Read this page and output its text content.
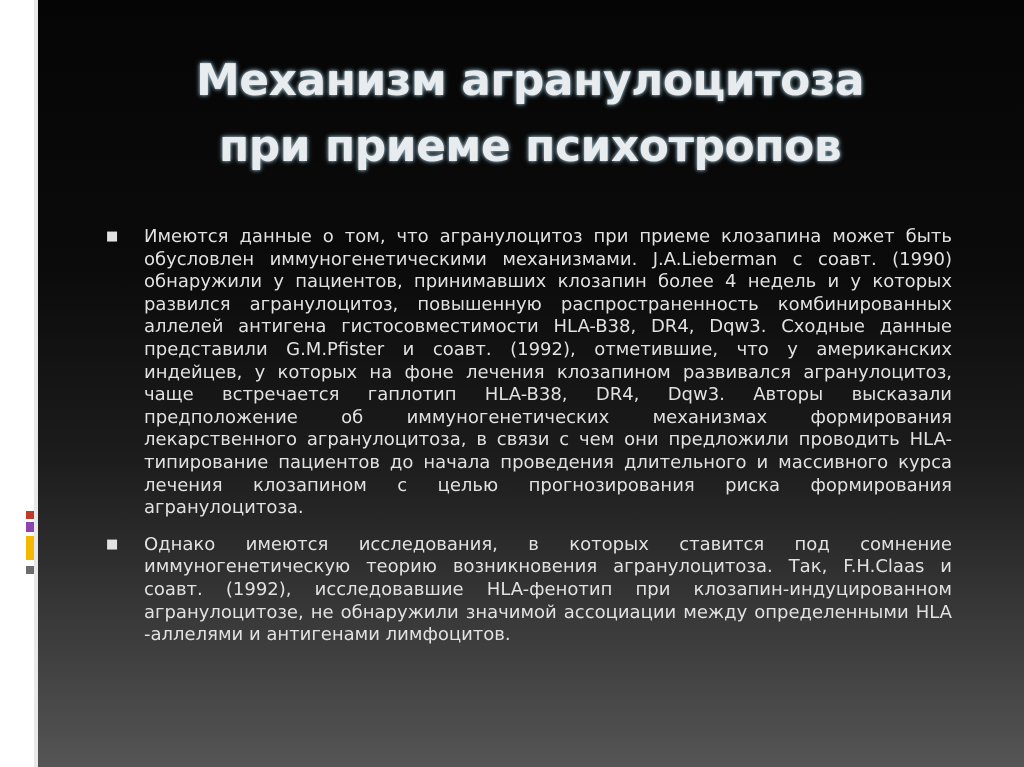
Механизм агранулоцитоза
при приеме психотропов
■ Имеются данные о том, что агранулоцитоз при приеме клозапина может быть обусловлен иммуногенетическими механизмами. J.A.Lieberman с соавт. (1990) обнаружили у пациентов, принимавших клозапин более 4 недель и у которых развился агранулоцитоз, повышенную распространенность комбинированных аллелей антигена гистосовместимости HLA-B38, DR4, Dqw3. Сходные данные представили G.M.Pfister и соавт. (1992), отметившие, что у американских индейцев, у которых на фоне лечения клозапином развивался агранулоцитоз, чаще встречается гаплотип HLA-B38, DR4, Dqw3. Авторы высказали предположение об иммуногенетических механизмах формирования лекарственного агранулоцитоза, в связи с чем они предложили проводить HLA-типирование пациентов до начала проведения длительного и массивного курса лечения клозапином с целью прогнозирования риска формирования агранулоцитоза.
■ Однако имеются исследования, в которых ставится под сомнение иммуногенетическую теорию возникновения агранулоцитоза. Так, F.H.Claas и соавт. (1992), исследовавшие HLA-фенотип при клозапин-индуцированном агранулоцитозе, не обнаружили значимой ассоциации между определенными HLA -аллелями и антигенами лимфоцитов.
